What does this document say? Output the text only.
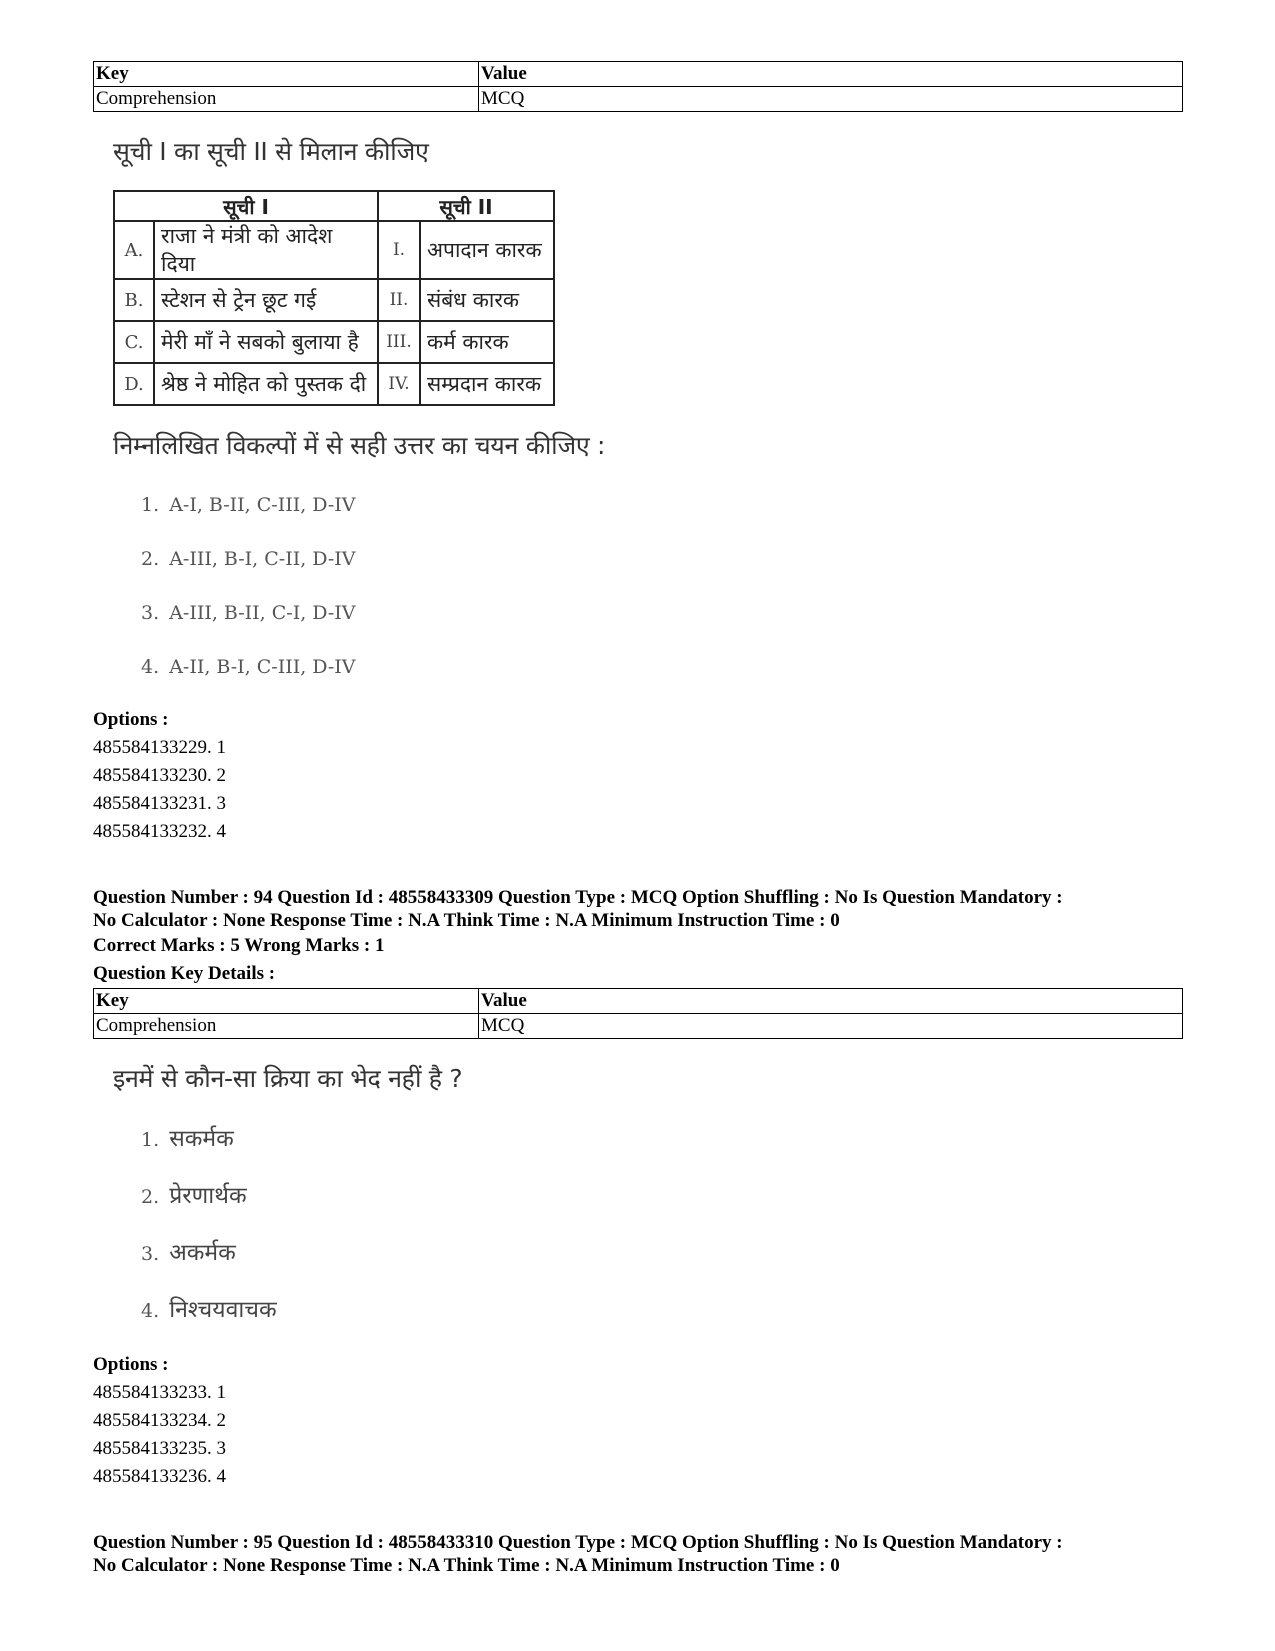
Key	Value
Comprehension	MCQ
सूची I का सूची II से मिलान कीजिए
सूची I		सूची II	
A.	राजा ने मंत्री को आदेश दिया	I.	अपादान कारक
B.	स्टेशन से ट्रेन छूट गई	II.	संबंध कारक
C.	मेरी माँ ने सबको बुलाया है	III.	कर्म कारक
D.	श्रेष्ठ ने मोहित को पुस्तक दी	IV.	सम्प्रदान कारक
निम्नलिखित विकल्पों में से सही उत्तर का चयन कीजिए :
1. A-I, B-II, C-III, D-IV
2. A-III, B-I, C-II, D-IV
3. A-III, B-II, C-I, D-IV
4. A-II, B-I, C-III, D-IV
Options :
485584133229. 1
485584133230. 2
485584133231. 3
485584133232. 4
Question Number : 94 Question Id : 48558433309 Question Type : MCQ Option Shuffling : No Is Question Mandatory :
No Calculator : None Response Time : N.A Think Time : N.A Minimum Instruction Time : 0
Correct Marks : 5 Wrong Marks : 1
Question Key Details :
Key	Value
Comprehension	MCQ
इनमें से कौन-सा क्रिया का भेद नहीं है ?
1. सकर्मक
2. प्रेरणार्थक
3. अकर्मक
4. निश्चयवाचक
Options :
485584133233. 1
485584133234. 2
485584133235. 3
485584133236. 4
Question Number : 95 Question Id : 48558433310 Question Type : MCQ Option Shuffling : No Is Question Mandatory :
No Calculator : None Response Time : N.A Think Time : N.A Minimum Instruction Time : 0
